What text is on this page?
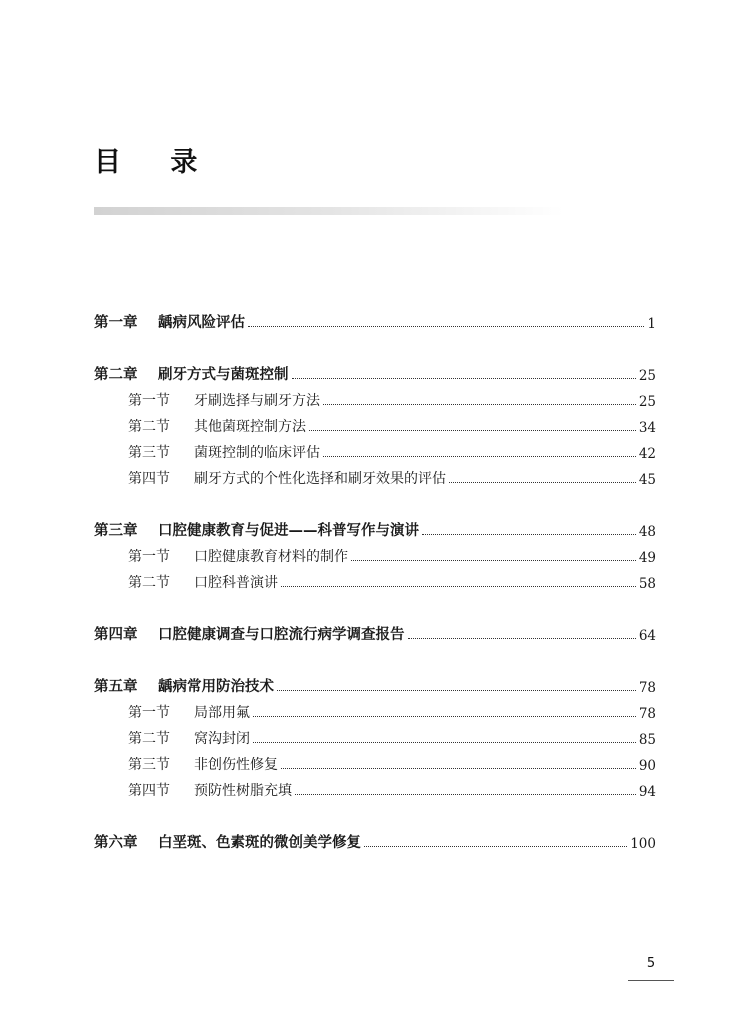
目 录
第一章 龋病风险评估	1
第二章 刷牙方式与菌斑控制	25
第一节 牙刷选择与刷牙方法	25
第二节 其他菌斑控制方法	34
第三节 菌斑控制的临床评估	42
第四节 刷牙方式的个性化选择和刷牙效果的评估	45
第三章 口腔健康教育与促进——科普写作与演讲	48
第一节 口腔健康教育材料的制作	49
第二节 口腔科普演讲	58
第四章 口腔健康调查与口腔流行病学调查报告	64
第五章 龋病常用防治技术	78
第一节 局部用氟	78
第二节 窝沟封闭	85
第三节 非创伤性修复	90
第四节 预防性树脂充填	94
第六章 白垩斑、色素斑的微创美学修复	100
5
